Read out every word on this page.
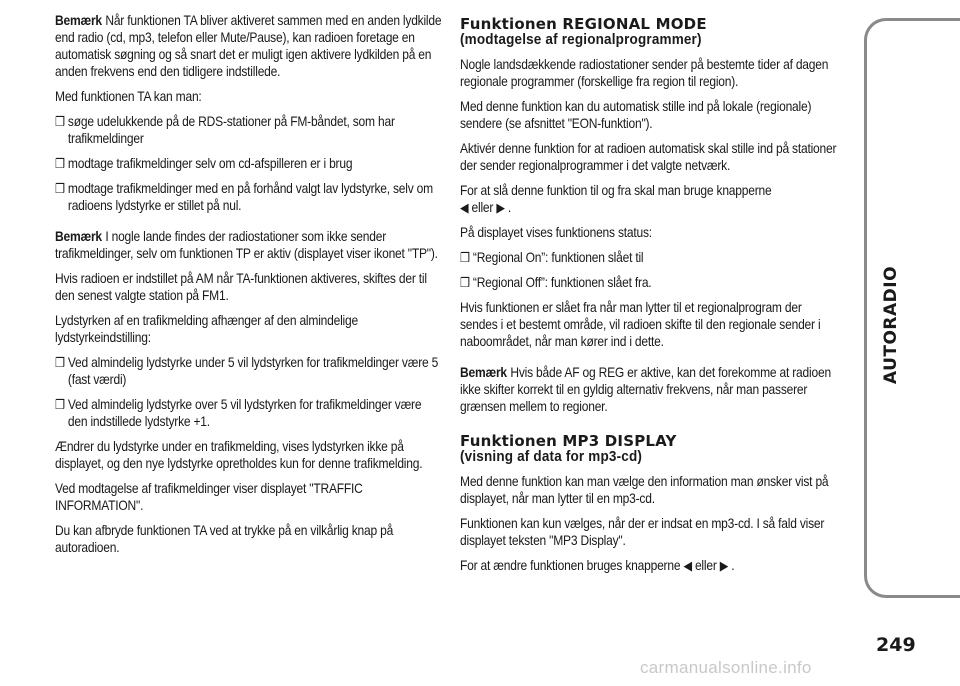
Bemærk Når funktionen TA bliver aktiveret sammen med en anden lydkilde end radio (cd, mp3, telefon eller Mute/Pause), kan radioen foretage en automatisk søgning og så snart det er muligt igen aktivere lydkilden på en anden frekvens end den tidligere indstillede.

Med funktionen TA kan man:

❒ søge udelukkende på de RDS-stationer på FM-båndet, som har trafikmeldinger

❒ modtage trafikmeldinger selv om cd-afspilleren er i brug

❒ modtage trafikmeldinger med en på forhånd valgt lav lydstyrke, selv om radioens lydstyrke er stillet på nul.

Bemærk I nogle lande findes der radiostationer som ikke sender trafikmeldinger, selv om funktionen TP er aktiv (displayet viser ikonet "TP").

Hvis radioen er indstillet på AM når TA-funktionen aktiveres, skiftes der til den senest valgte station på FM1.

Lydstyrken af en trafikmelding afhænger af den almindelige lydstyrkeindstilling:

❒ Ved almindelig lydstyrke under 5 vil lydstyrken for trafikmeldinger være 5 (fast værdi)

❒ Ved almindelig lydstyrke over 5 vil lydstyrken for trafikmeldinger være den indstillede lydstyrke +1.

Ændrer du lydstyrke under en trafikmelding, vises lydstyrken ikke på displayet, og den nye lydstyrke opretholdes kun for denne trafikmelding.

Ved modtagelse af trafikmeldinger viser displayet "TRAFFIC INFORMATION".

Du kan afbryde funktionen TA ved at trykke på en vilkårlig knap på autoradioen.

Funktionen REGIONAL MODE
(modtagelse af regionalprogrammer)

Nogle landsdækkende radiostationer sender på bestemte tider af dagen regionale programmer (forskellige fra region til region).

Med denne funktion kan du automatisk stille ind på lokale (regionale) sendere (se afsnittet "EON-funktion").

Aktivér denne funktion for at radioen automatisk skal stille ind på stationer der sender regionalprogrammer i det valgte netværk.

For at slå denne funktion til og fra skal man bruge knapperne
◀ eller ▶ .

På displayet vises funktionens status:

❒ “Regional On”: funktionen slået til

❒ “Regional Off”: funktionen slået fra.

Hvis funktionen er slået fra når man lytter til et regionalprogram der sendes i et bestemt område, vil radioen skifte til den regionale sender i naboområdet, når man kører ind i dette.

Bemærk Hvis både AF og REG er aktive, kan det forekomme at radioen ikke skifter korrekt til en gyldig alternativ frekvens, når man passerer grænsen mellem to regioner.

Funktionen MP3 DISPLAY
(visning af data for mp3-cd)

Med denne funktion kan man vælge den information man ønsker vist på displayet, når man lytter til en mp3-cd.

Funktionen kan kun vælges, når der er indsat en mp3-cd. I så fald viser displayet teksten "MP3 Display".

For at ændre funktionen bruges knapperne ◀ eller ▶ .

AUTORADIO
249
carmanualsonline.info
